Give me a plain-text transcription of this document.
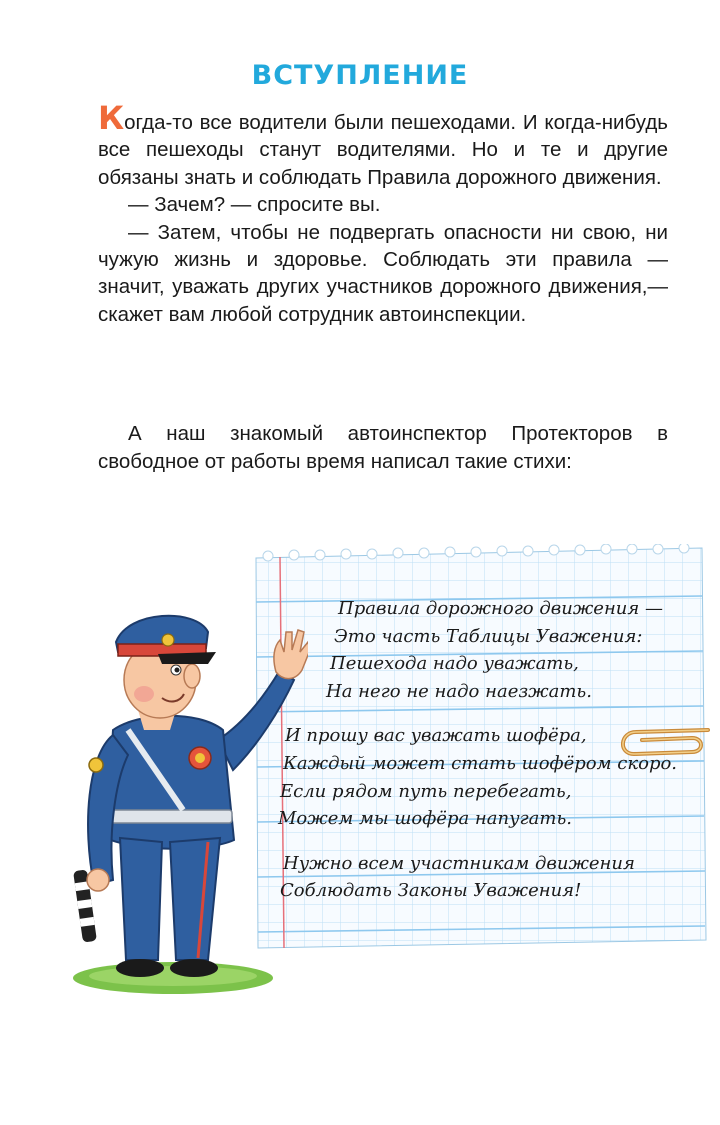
ВСТУПЛЕНИЕ

Когда-то все водители были пешеходами. И когда-нибудь все пешеходы станут водителями. Но и те и другие обязаны знать и соблюдать Правила дорожного движения.

— Зачем? — спросите вы.

— Затем, чтобы не подвергать опасности ни свою, ни чужую жизнь и здоровье. Соблюдать эти правила — значит, уважать других участников дорожного движения,— скажет вам любой сотрудник автоинспекции.

А наш знакомый автоинспектор Протекторов в свободное от работы время написал такие стихи:

Правила дорожного движения —
Это часть Таблицы Уважения:
Пешехода надо уважать,
На него не надо наезжать.
И прошу вас уважать шофёра,
Каждый может стать шофёром скоро.
Если рядом путь перебегать,
Можем мы шофёра напугать.
Нужно всем участникам движения
Соблюдать Законы Уважения!
